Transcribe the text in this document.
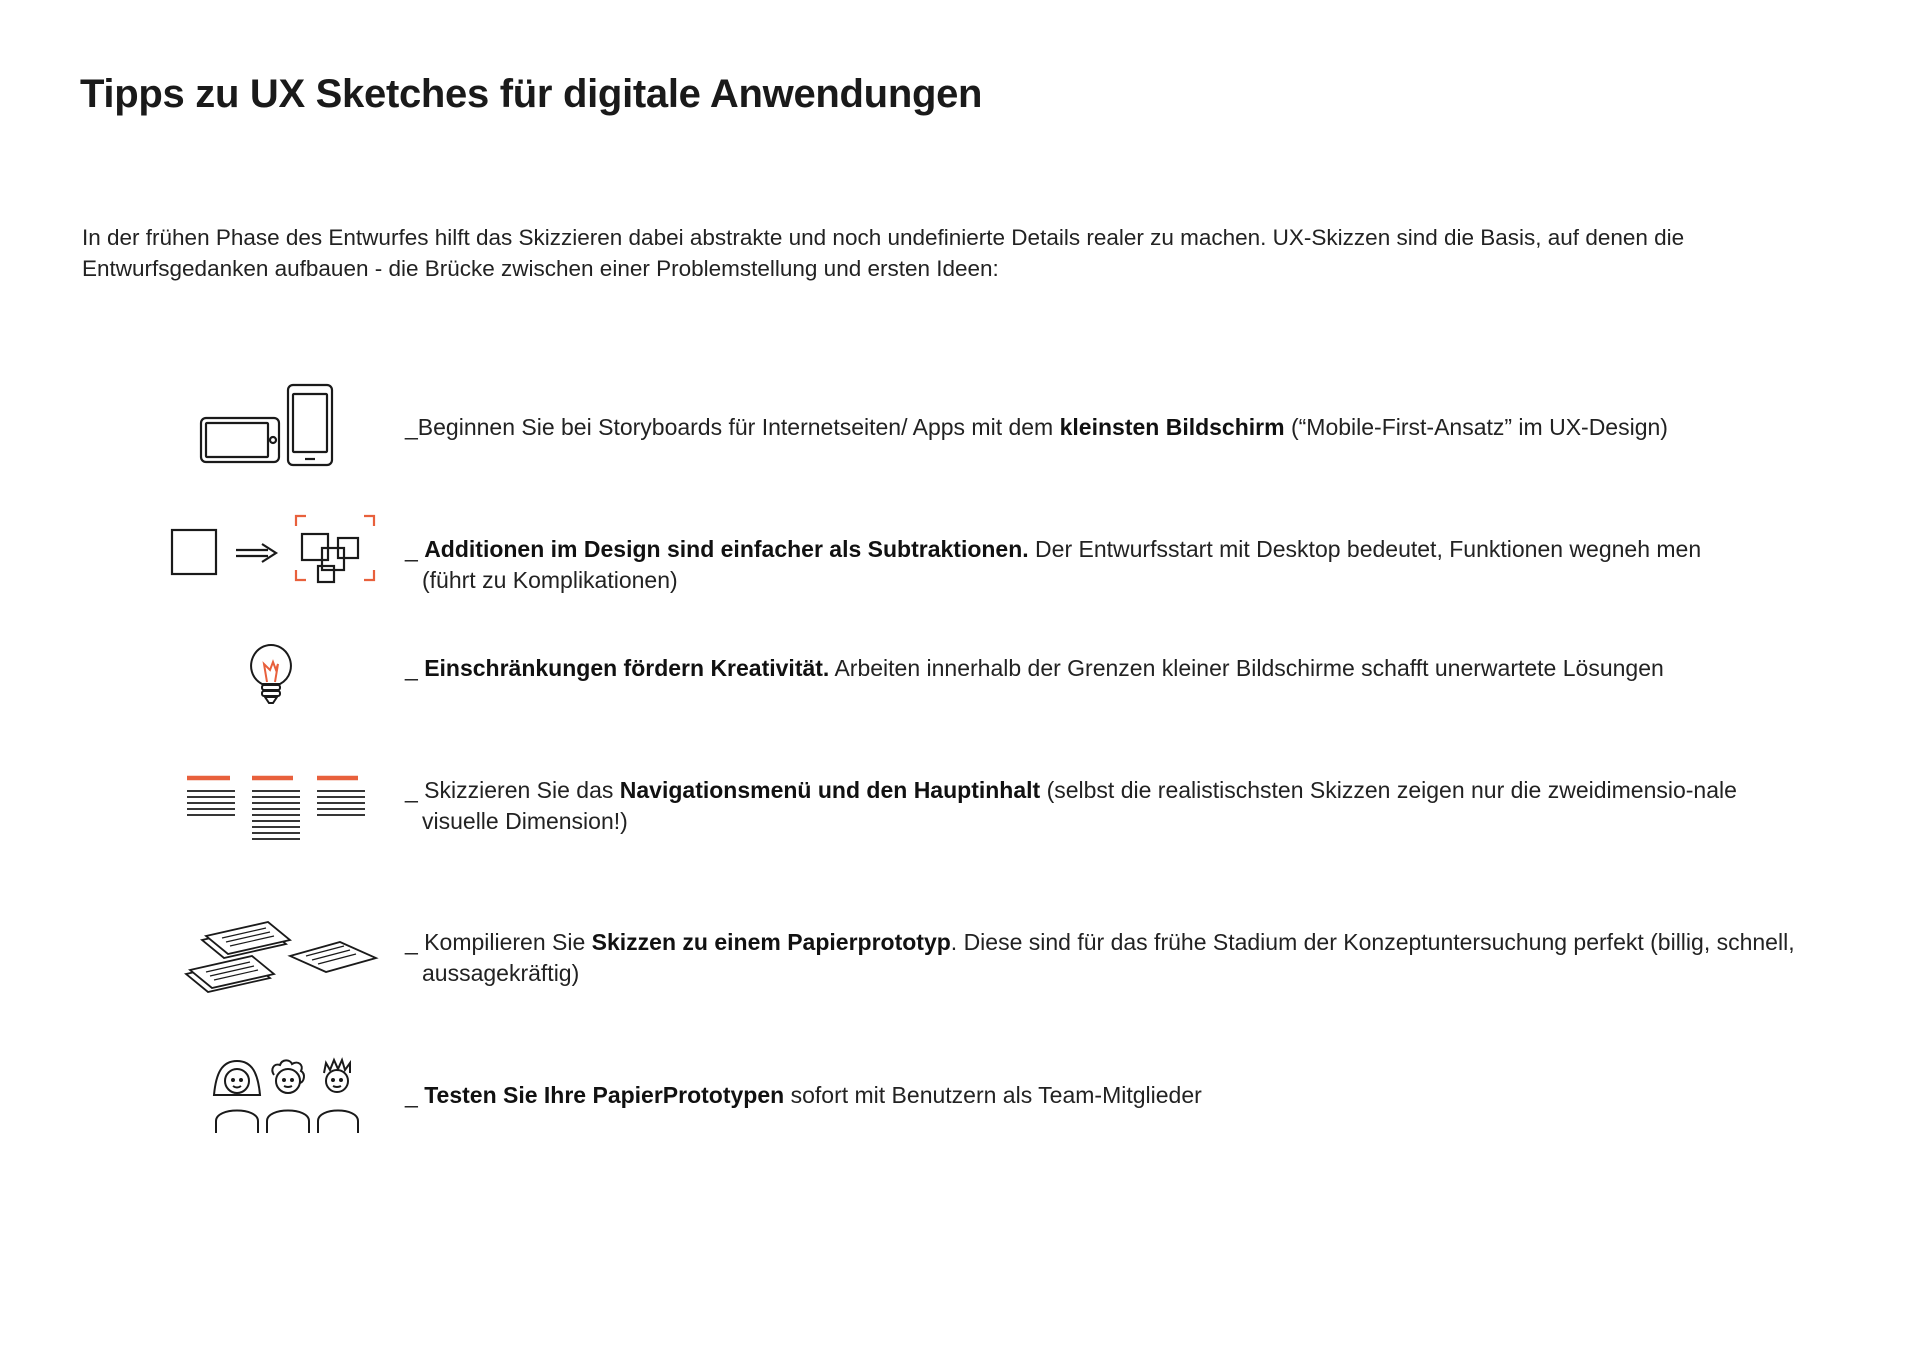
Tipps zu UX Sketches für digitale Anwendungen

In der frühen Phase des Entwurfes hilft das Skizzieren dabei abstrakte und noch undefinierte Details realer zu machen. UX-Skizzen sind die Basis, auf denen die Entwurfsgedanken aufbauen - die Brücke zwischen einer Problemstellung und ersten Ideen:

_Beginnen Sie bei Storyboards für Internetseiten/ Apps mit dem kleinsten Bildschirm (“Mobile-First-Ansatz” im UX-Design)

_ Additionen im Design sind einfacher als Subtraktionen. Der Entwurfsstart mit Desktop bedeutet, Funktionen wegneh men (führt zu Komplikationen)

_ Einschränkungen fördern Kreativität. Arbeiten innerhalb der Grenzen kleiner Bildschirme schafft unerwartete Lösungen

_ Skizzieren Sie das Navigationsmenü und den Hauptinhalt (selbst die realistischsten Skizzen zeigen nur die zweidimensio-nale visuelle Dimension!)

_ Kompilieren Sie Skizzen zu einem Papierprototyp. Diese sind für das frühe Stadium der Konzeptuntersuchung perfekt (billig, schnell, aussagekräftig)

_ Testen Sie Ihre PapierPrototypen sofort mit Benutzern als Team-Mitglieder
